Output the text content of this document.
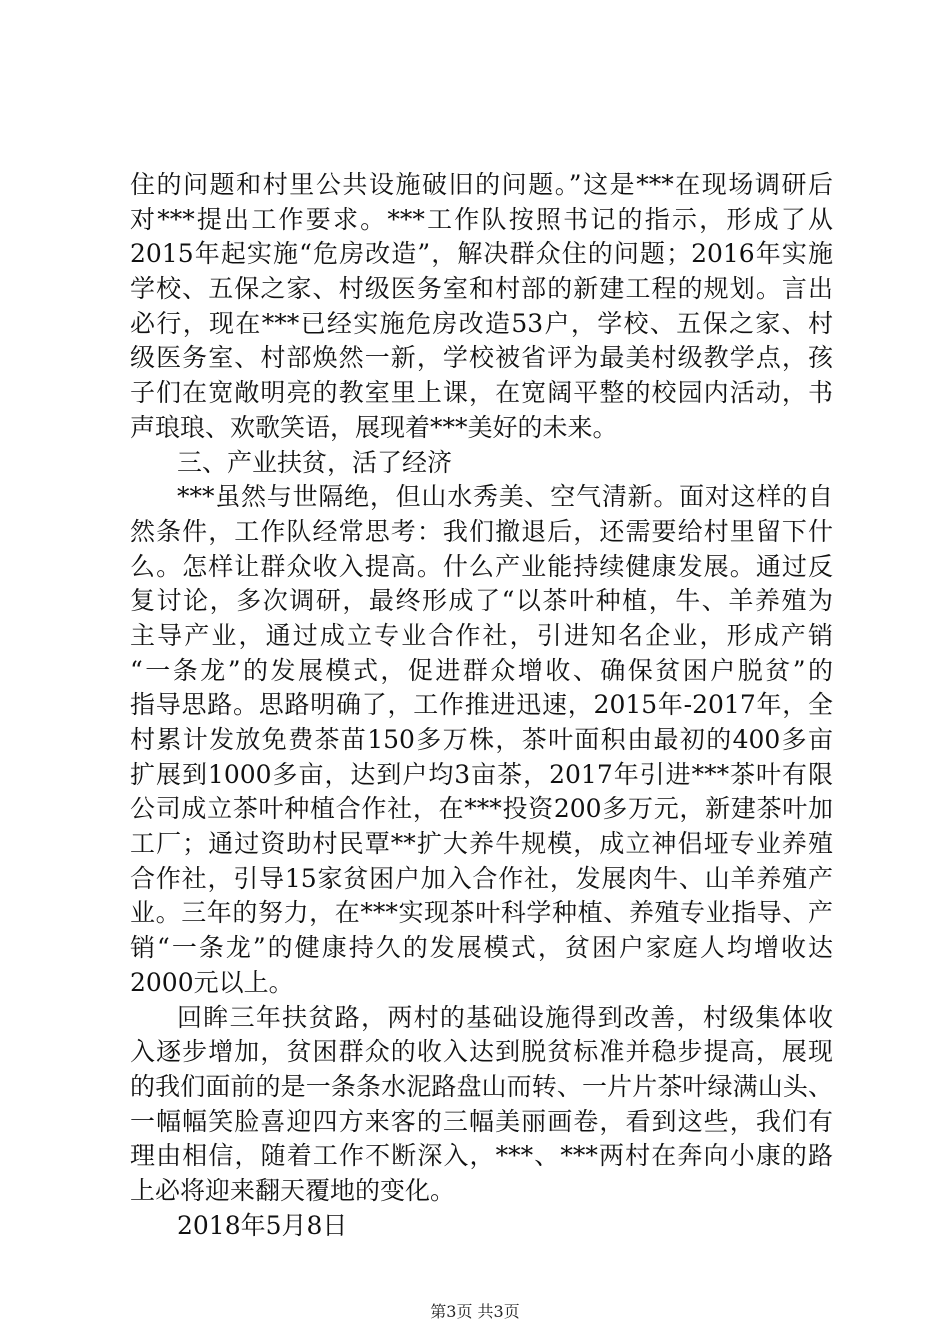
住的问题和村里公共设施破旧的问题。”这是***在现场调研后
对***提出工作要求。***工作队按照书记的指示，形成了从
2015年起实施“危房改造”，解决群众住的问题；2016年实施
学校、五保之家、村级医务室和村部的新建工程的规划。言出
必行，现在***已经实施危房改造53户，学校、五保之家、村
级医务室、村部焕然一新，学校被省评为最美村级教学点，孩
子们在宽敞明亮的教室里上课，在宽阔平整的校园内活动，书
声琅琅、欢歌笑语，展现着***美好的未来。
三、产业扶贫，活了经济
***虽然与世隔绝，但山水秀美、空气清新。面对这样的自
然条件，工作队经常思考：我们撤退后，还需要给村里留下什
么。怎样让群众收入提高。什么产业能持续健康发展。通过反
复讨论，多次调研，最终形成了“以茶叶种植，牛、羊养殖为
主导产业，通过成立专业合作社，引进知名企业，形成产销
“一条龙”的发展模式，促进群众增收、确保贫困户脱贫”的
指导思路。思路明确了，工作推进迅速，2015年-2017年，全
村累计发放免费茶苗150多万株，茶叶面积由最初的400多亩
扩展到1000多亩，达到户均3亩茶，2017年引进***茶叶有限
公司成立茶叶种植合作社，在***投资200多万元，新建茶叶加
工厂；通过资助村民覃**扩大养牛规模，成立神侣垭专业养殖
合作社，引导15家贫困户加入合作社，发展肉牛、山羊养殖产
业。三年的努力，在***实现茶叶科学种植、养殖专业指导、产
销“一条龙”的健康持久的发展模式，贫困户家庭人均增收达
2000元以上。
回眸三年扶贫路，两村的基础设施得到改善，村级集体收
入逐步增加，贫困群众的收入达到脱贫标准并稳步提高，展现
的我们面前的是一条条水泥路盘山而转、一片片茶叶绿满山头、
一幅幅笑脸喜迎四方来客的三幅美丽画卷，看到这些，我们有
理由相信，随着工作不断深入，***、***两村在奔向小康的路
上必将迎来翻天覆地的变化。
2018年5月8日
第3页 共3页
